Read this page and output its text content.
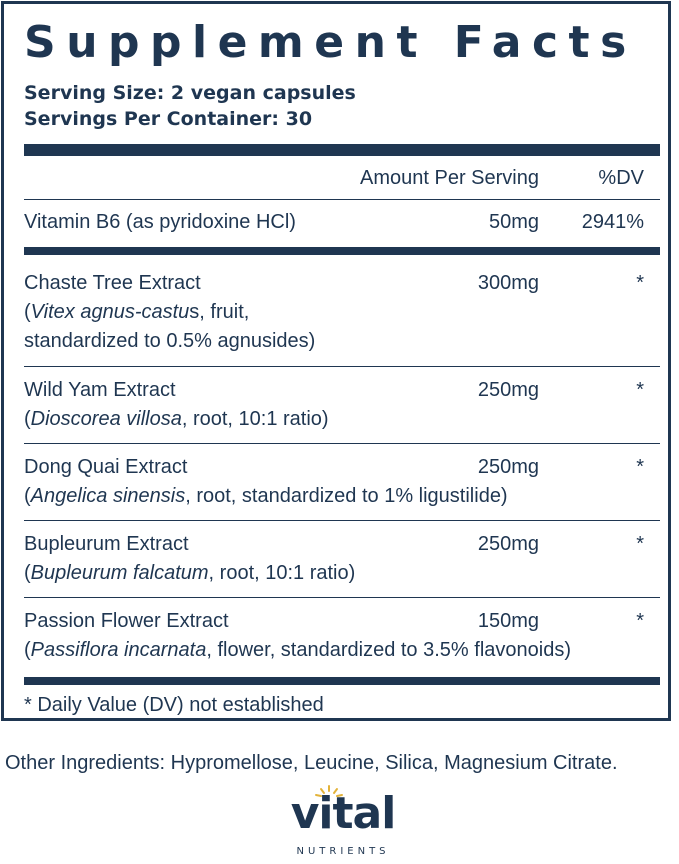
Supplement Facts
Serving Size: 2 vegan capsules
Servings Per Container: 30
Amount Per Serving	%DV
Vitamin B6 (as pyridoxine HCl)	50mg	2941%
Chaste Tree Extract	300mg	*
(Vitex agnus-castus, fruit,
standardized to 0.5% agnusides)
Wild Yam Extract	250mg	*
(Dioscorea villosa, root, 10:1 ratio)
Dong Quai Extract	250mg	*
(Angelica sinensis, root, standardized to 1% ligustilide)
Bupleurum Extract	250mg	*
(Bupleurum falcatum, root, 10:1 ratio)
Passion Flower Extract	150mg	*
(Passiflora incarnata, flower, standardized to 3.5% flavonoids)
* Daily Value (DV) not established
Other Ingredients: Hypromellose, Leucine, Silica, Magnesium Citrate.
vital
NUTRIENTS
